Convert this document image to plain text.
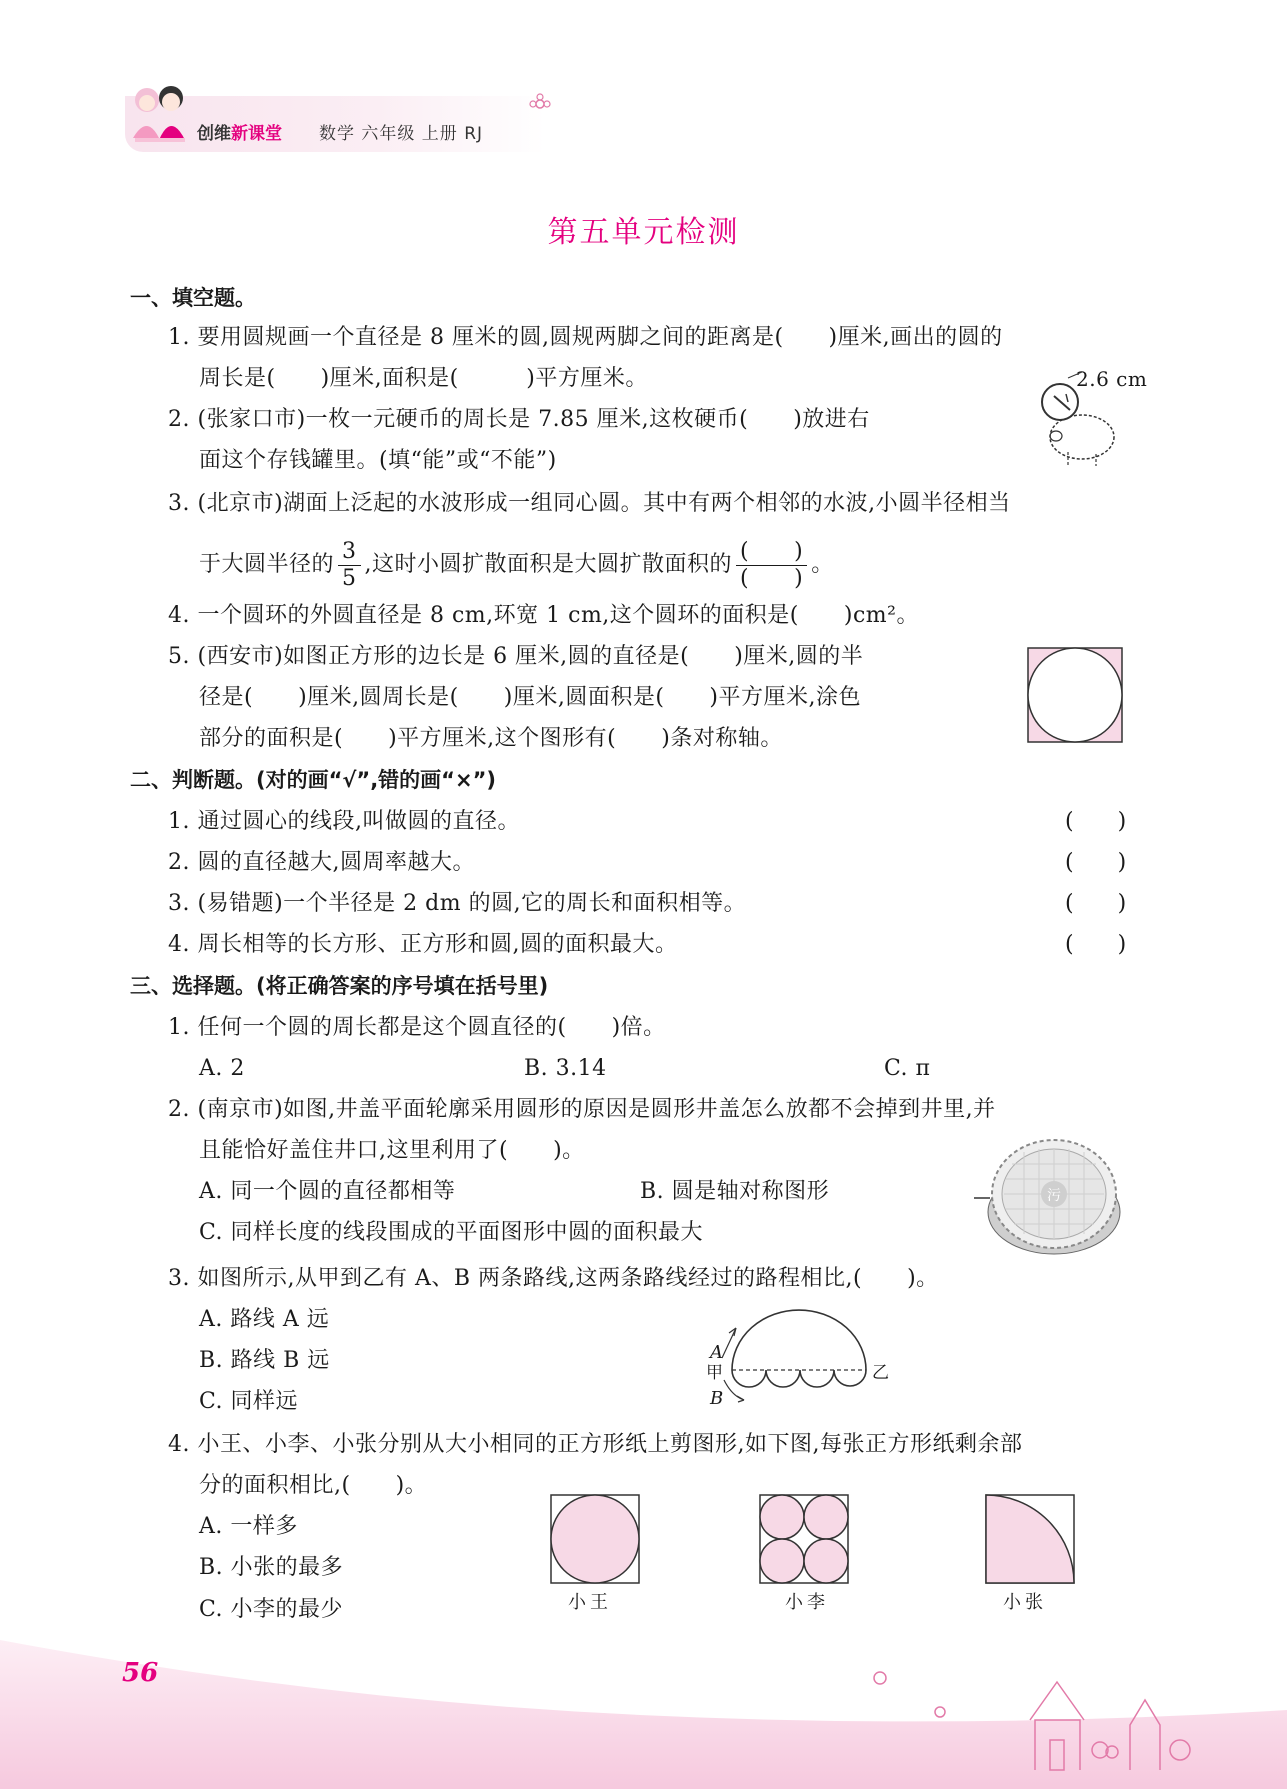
创维新课堂 数学 六年级 上册 RJ
第五单元检测
一、填空题。
1. 要用圆规画一个直径是 8 厘米的圆,圆规两脚之间的距离是(　　)厘米,画出的圆的
周长是(　　)厘米,面积是(　　　)平方厘米。	2.6 cm
2. (张家口市)一枚一元硬币的周长是 7.85 厘米,这枚硬币(　　)放进右
面这个存钱罐里。(填“能”或“不能”)
3. (北京市)湖面上泛起的水波形成一组同心圆。其中有两个相邻的水波,小圆半径相当
于大圆半径的 $\frac{3}{5}$ ,这时小圆扩散面积是大圆扩散面积的 $\frac{( )}{( )}$ 。
4. 一个圆环的外圆直径是 8 cm,环宽 1 cm,这个圆环的面积是(　　)cm²。
5. (西安市)如图正方形的边长是 6 厘米,圆的直径是(　　)厘米,圆的半
径是(　　)厘米,圆周长是(　　)厘米,圆面积是(　　)平方厘米,涂色
部分的面积是(　　)平方厘米,这个图形有(　　)条对称轴。
二、判断题。(对的画“√”,错的画“×”)
1. 通过圆心的线段,叫做圆的直径。	(　　)
2. 圆的直径越大,圆周率越大。	(　　)
3. (易错题)一个半径是 2 dm 的圆,它的周长和面积相等。	(　　)
4. 周长相等的长方形、正方形和圆,圆的面积最大。	(　　)
三、选择题。(将正确答案的序号填在括号里)
1. 任何一个圆的周长都是这个圆直径的(　　)倍。
A. 2	B. 3.14	C. π
2. (南京市)如图,井盖平面轮廓采用圆形的原因是圆形井盖怎么放都不会掉到井里,并
且能恰好盖住井口,这里利用了(　　)。
A. 同一个圆的直径都相等	B. 圆是轴对称图形
C. 同样长度的线段围成的平面图形中圆的面积最大
污
3. 如图所示,从甲到乙有 A、B 两条路线,这两条路线经过的路程相比,(　　)。
A. 路线 A 远
B. 路线 B 远
C. 同样远
A
甲
B
乙
4. 小王、小李、小张分别从大小相同的正方形纸上剪图形,如下图,每张正方形纸剩余部
分的面积相比,(　　)。
A. 一样多
B. 小张的最多
C. 小李的最少	小王	小李	小张
56
